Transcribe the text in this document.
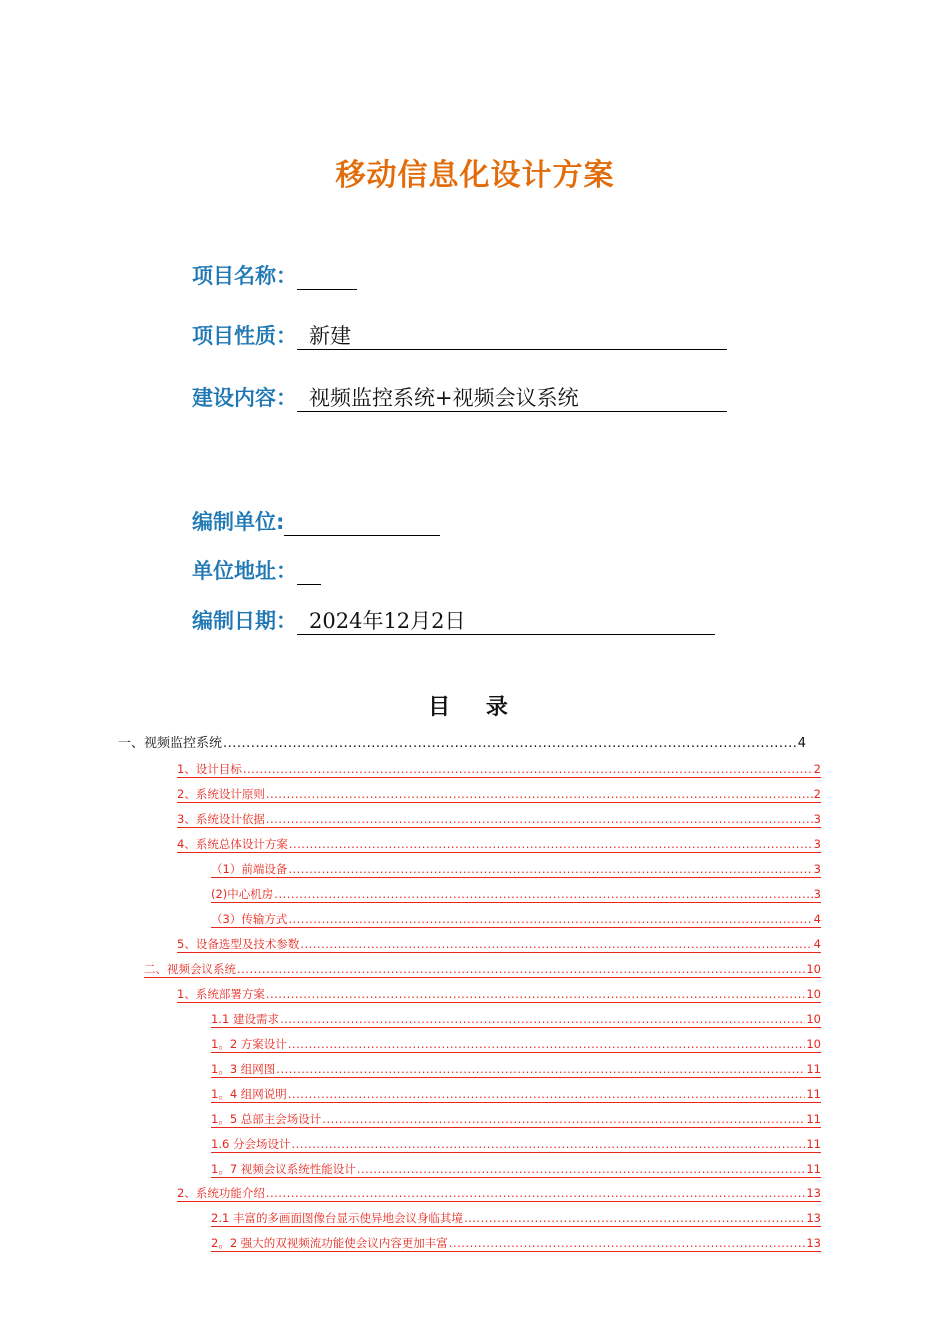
移动信息化设计方案
项目名称：
项目性质： 新建
建设内容： 视频监控系统+视频会议系统
编制单位:
单位地址：
编制日期： 2024年12月2日
目 录
一、视频监控系统 .....	4
1、设计目标 .....	2
2、系统设计原则 .....	2
3、系统设计依据 .....	3
4、系统总体设计方案 .....	3
（1）前端设备 .....	3
(2)中心机房 .....	3
（3）传输方式 .....	4
5、设备选型及技术参数 .....	4
二、视频会议系统 .....	10
1、系统部署方案 .....	10
1.1 建设需求 .....	10
1。2 方案设计 .....	10
1。3 组网图 .....	11
1。4 组网说明 .....	11
1。5 总部主会场设计 .....	11
1.6 分会场设计 .....	11
1。7 视频会议系统性能设计 .....	11
2、系统功能介绍 .....	13
2.1 丰富的多画面图像台显示使异地会议身临其境 .....	13
2。2 强大的双视频流功能使会议内容更加丰富 .....	13
